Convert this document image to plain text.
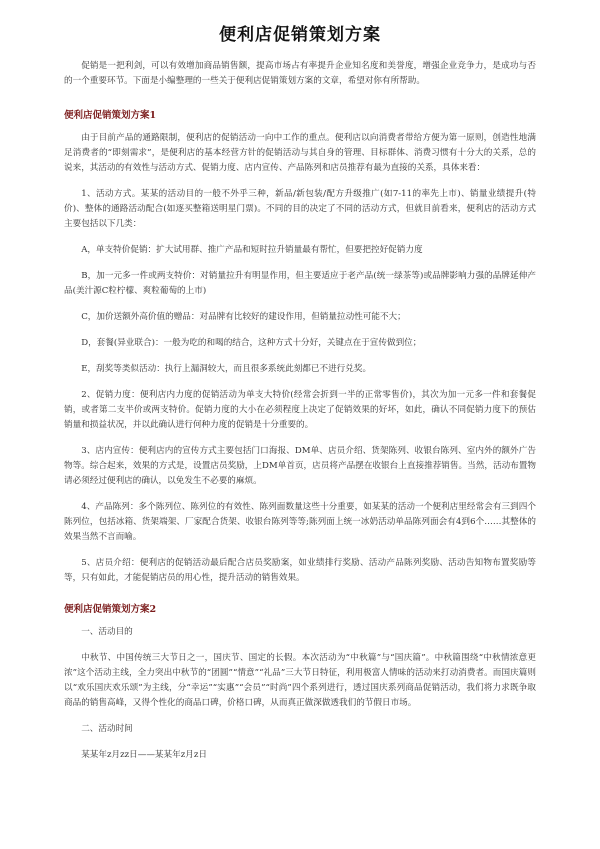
便利店促销策划方案

促销是一把利剑，可以有效增加商品销售额，提高市场占有率提升企业知名度和美誉度，增强企业竞争力，是成功与否的一个重要环节。下面是小编整理的一些关于便利店促销策划方案的文章，希望对你有所帮助。

便利店促销策划方案1

由于目前产品的通路限制，便利店的促销活动一向中工作的重点。便利店以向消费者带给方便为第一原则，创造性地满足消费者的“即刻需求”，是便利店的基本经营方针的促销活动与其自身的管理、目标群体、消费习惯有十分大的关系，总的说来，其活动的有效性与活动方式、促销力度、店内宣传、产品陈列和店员推荐有最为直接的关系，具体来看：

1、活动方式。某某的活动目的一般不外乎三种，新品/新包装/配方升级推广(如7-11的率先上市)、销量业绩提升(特价)、整体的通路活动配合(如逐买整箱送明星门票)。不同的目的决定了不同的活动方式，但就目前看来，便利店的活动方式主要包括以下几类：

A，单支特价促销：扩大试用群、推广产品和短时拉升销量最有帮忙，但要把控好促销力度

B，加一元多一件或两支特价：对销量拉升有明显作用，但主要适应于老产品(统一绿茶等)或品牌影响力强的品牌延伸产品(美汁源C粒柠檬、爽粒葡萄的上市)

C，加价送额外高价值的赠品：对品牌有比较好的建设作用，但销量拉动性可能不大；

D，套餐(异业联合)：一般为吃的和喝的结合，这种方式十分好，关键点在于宣传做到位；

E，刮奖等类似活动：执行上漏洞较大，而且很多系统此刻都已不进行兑奖。

2、促销力度：便利店内力度的促销活动为单支大特价(经常会折到一半的正常零售价)，其次为加一元多一件和套餐促销，或者第二支半价或两支特价。促销力度的大小在必须程度上决定了促销效果的好坏，如此，确认不同促销力度下的预估销量和损益状况，并以此确认进行何种力度的促销是十分重要的。

3、店内宣传：便利店内的宣传方式主要包括门口海报、DM单、店员介绍、货架陈列、收银台陈列、室内外的额外广告物等。综合起来，效果的方式是，设置店员奖励，上DM单首页，店员将产品摆在收银台上直接推荐销售。当然，活动布置物请必须经过便利店的确认，以免发生不必要的麻烦。

4、产品陈列：多个陈列位、陈列位的有效性、陈列面数量这些十分重要，如某某的活动一个便利店里经常会有三到四个陈列位，包括冰箱、货架端架、厂家配合货架、收银台陈列等等;陈列面上统一冰奶活动单品陈列面会有4到6个……其整体的效果当然不言而喻。

5、店员介绍：便利店的促销活动最后配合店员奖励案，如业绩排行奖励、活动产品陈列奖励、活动告知物布置奖励等等，只有如此，才能促销店员的用心性，提升活动的销售效果。

便利店促销策划方案2

一、活动目的

中秋节、中国传统三大节日之一，国庆节、国定的长假。本次活动为“中秋篇”与“国庆篇”。中秋篇围绕“中秋情浓意更浓”这个活动主线，全力突出中秋节的“团圆”“情意”“礼品”三大节日特征，利用极富人情味的活动来打动消费者。而国庆篇则以“欢乐国庆欢乐颂”为主线，分“幸运”“实惠”“会员”“时尚”四个系列进行，透过国庆系列商品促销活动，我们将力求既争取商品的销售高峰，又得个性化的商品口碑，价格口碑，从而真正做深做透我们的节假日市场。

二、活动时间

某某年z月zz日——某某年z月z日
